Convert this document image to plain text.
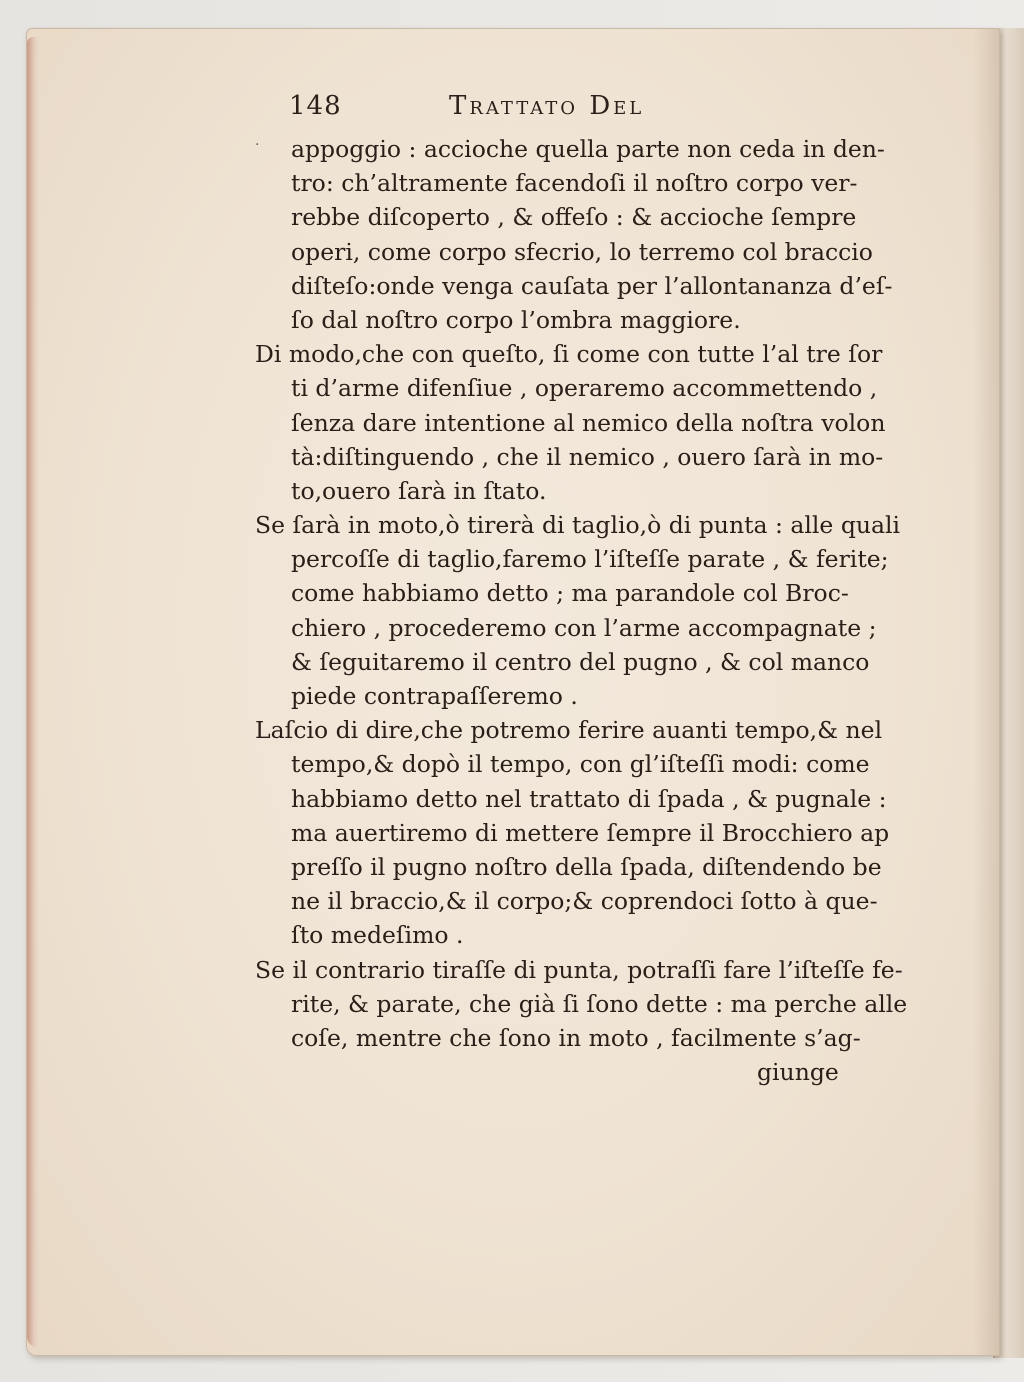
·
148	Trattato Del
appoggio : accioche quella parte non ceda in den-
tro: ch’altramente facendoſi il noſtro corpo ver-
rebbe diſcoperto , & offeſo : & accioche ſempre
operi, come corpo sfecrio, lo terremo col braccio
diſteſo:onde venga cauſata per l’allontananza d’eſ-
ſo dal noſtro corpo l’ombra maggiore.
Di modo,che con queſto, ſi come con tutte l’al tre ſor
ti d’arme difenſiue , operaremo accommettendo ,
ſenza dare intentione al nemico della noſtra volon
tà:diſtinguendo , che il nemico , ouero ſarà in mo-
to,ouero ſarà in ſtato.
Se ſarà in moto,ò tirerà di taglio,ò di punta : alle quali
percoſſe di taglio,faremo l’iſteſſe parate , & ferite;
come habbiamo detto ; ma parandole col Broc-
chiero , procederemo con l’arme accompagnate ;
& ſeguitaremo il centro del pugno , & col manco
piede contrapaſſeremo .
Laſcio di dire,che potremo ferire auanti tempo,& nel
tempo,& dopò il tempo, con gl’iſteſſi modi: come
habbiamo detto nel trattato di ſpada , & pugnale :
ma auertiremo di mettere ſempre il Brocchiero ap
preſſo il pugno noſtro della ſpada, diſtendendo be
ne il braccio,& il corpo;& coprendoci ſotto à que-
ſto medeſimo .
Se il contrario tiraſſe di punta, potraſſi fare l’iſteſſe fe-
rite, & parate, che già ſi ſono dette : ma perche alle
coſe, mentre che ſono in moto , facilmente s’ag-
giunge
